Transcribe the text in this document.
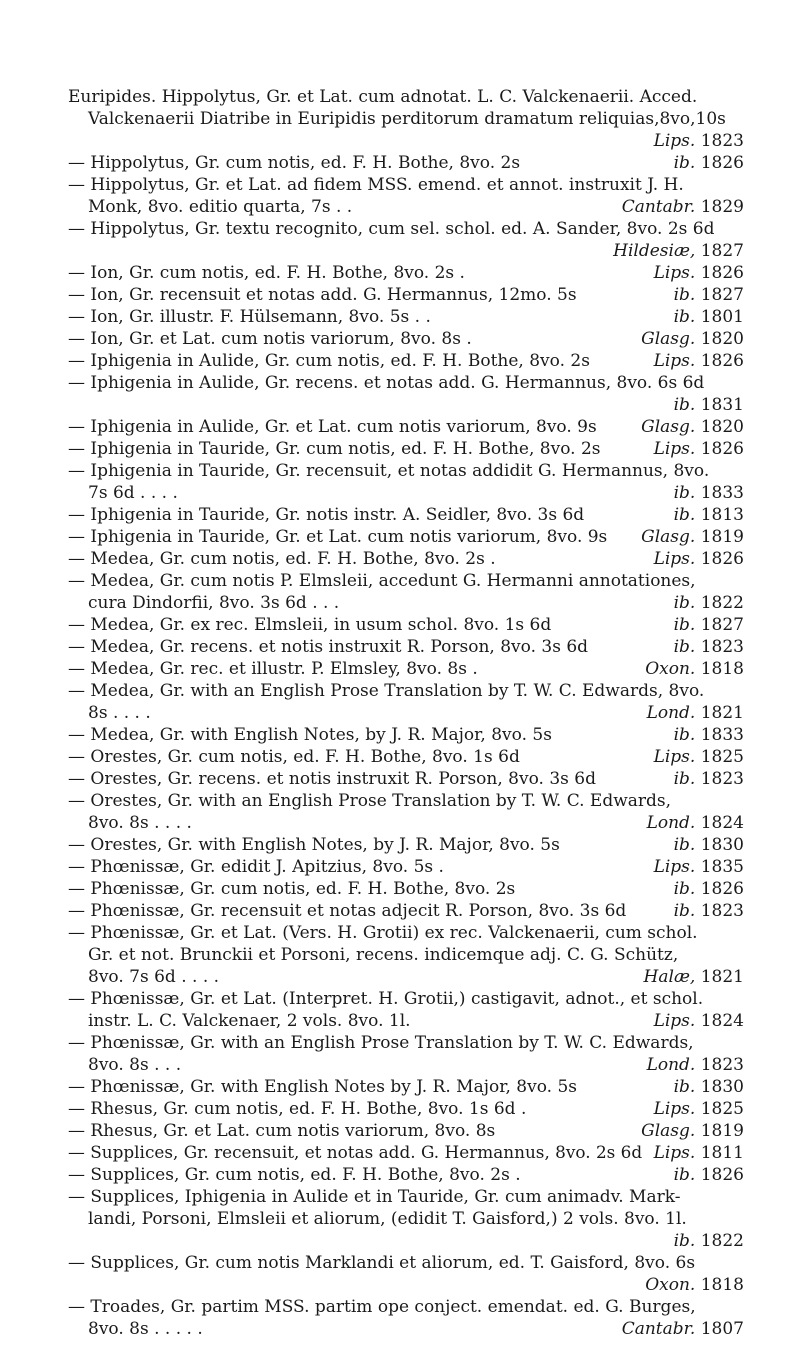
Euripides. Hippolytus, Gr. et Lat. cum adnotat. L. C. Valckenaerii. Acced.
Valckenaerii Diatribe in Euripidis perditorum dramatum reliquias,8vo,10s
Lips. 1823
— Hippolytus, Gr. cum notis, ed. F. H. Bothe, 8vo. 2s	ib. 1826
— Hippolytus, Gr. et Lat. ad fidem MSS. emend. et annot. instruxit J. H.
Monk, 8vo. editio quarta, 7s . .	Cantabr. 1829
— Hippolytus, Gr. textu recognito, cum sel. schol. ed. A. Sander, 8vo. 2s 6d
Hildesiæ, 1827
— Ion, Gr. cum notis, ed. F. H. Bothe, 8vo. 2s .	Lips. 1826
— Ion, Gr. recensuit et notas add. G. Hermannus, 12mo. 5s	ib. 1827
— Ion, Gr. illustr. F. Hülsemann, 8vo. 5s . .	ib. 1801
— Ion, Gr. et Lat. cum notis variorum, 8vo. 8s .	Glasg. 1820
— Iphigenia in Aulide, Gr. cum notis, ed. F. H. Bothe, 8vo. 2s	Lips. 1826
— Iphigenia in Aulide, Gr. recens. et notas add. G. Hermannus, 8vo. 6s 6d
ib. 1831
— Iphigenia in Aulide, Gr. et Lat. cum notis variorum, 8vo. 9s	Glasg. 1820
— Iphigenia in Tauride, Gr. cum notis, ed. F. H. Bothe, 8vo. 2s	Lips. 1826
— Iphigenia in Tauride, Gr. recensuit, et notas addidit G. Hermannus, 8vo.
7s 6d . . . .	ib. 1833
— Iphigenia in Tauride, Gr. notis instr. A. Seidler, 8vo. 3s 6d	ib. 1813
— Iphigenia in Tauride, Gr. et Lat. cum notis variorum, 8vo. 9s Glasg. 1819
— Medea, Gr. cum notis, ed. F. H. Bothe, 8vo. 2s .	Lips. 1826
— Medea, Gr. cum notis P. Elmsleii, accedunt G. Hermanni annotationes,
cura Dindorfii, 8vo. 3s 6d . . .	ib. 1822
— Medea, Gr. ex rec. Elmsleii, in usum schol. 8vo. 1s 6d	ib. 1827
— Medea, Gr. recens. et notis instruxit R. Porson, 8vo. 3s 6d	ib. 1823
— Medea, Gr. rec. et illustr. P. Elmsley, 8vo. 8s .	Oxon. 1818
— Medea, Gr. with an English Prose Translation by T. W. C. Edwards, 8vo.
8s . . . .	Lond. 1821
— Medea, Gr. with English Notes, by J. R. Major, 8vo. 5s	ib. 1833
— Orestes, Gr. cum notis, ed. F. H. Bothe, 8vo. 1s 6d	Lips. 1825
— Orestes, Gr. recens. et notis instruxit R. Porson, 8vo. 3s 6d	ib. 1823
— Orestes, Gr. with an English Prose Translation by T. W. C. Edwards,
8vo. 8s . . . .	Lond. 1824
— Orestes, Gr. with English Notes, by J. R. Major, 8vo. 5s	ib. 1830
— Phœnissæ, Gr. edidit J. Apitzius, 8vo. 5s .	Lips. 1835
— Phœnissæ, Gr. cum notis, ed. F. H. Bothe, 8vo. 2s	ib. 1826
— Phœnissæ, Gr. recensuit et notas adjecit R. Porson, 8vo. 3s 6d	ib. 1823
— Phœnissæ, Gr. et Lat. (Vers. H. Grotii) ex rec. Valckenaerii, cum schol.
Gr. et not. Brunckii et Porsoni, recens. indicemque adj. C. G. Schütz,
8vo. 7s 6d . . . .	Halæ, 1821
— Phœnissæ, Gr. et Lat. (Interpret. H. Grotii,) castigavit, adnot., et schol.
instr. L. C. Valckenaer, 2 vols. 8vo. 1l.	Lips. 1824
— Phœnissæ, Gr. with an English Prose Translation by T. W. C. Edwards,
8vo. 8s . . .	Lond. 1823
— Phœnissæ, Gr. with English Notes by J. R. Major, 8vo. 5s	ib. 1830
— Rhesus, Gr. cum notis, ed. F. H. Bothe, 8vo. 1s 6d .	Lips. 1825
— Rhesus, Gr. et Lat. cum notis variorum, 8vo. 8s	Glasg. 1819
— Supplices, Gr. recensuit, et notas add. G. Hermannus, 8vo. 2s 6d Lips. 1811
— Supplices, Gr. cum notis, ed. F. H. Bothe, 8vo. 2s .	ib. 1826
— Supplices, Iphigenia in Aulide et in Tauride, Gr. cum animadv. Mark-
landi, Porsoni, Elmsleii et aliorum, (edidit T. Gaisford,) 2 vols. 8vo. 1l.
ib. 1822
— Supplices, Gr. cum notis Marklandi et aliorum, ed. T. Gaisford, 8vo. 6s
Oxon. 1818
— Troades, Gr. partim MSS. partim ope conject. emendat. ed. G. Burges,
8vo. 8s . . . . .	Cantabr. 1807
